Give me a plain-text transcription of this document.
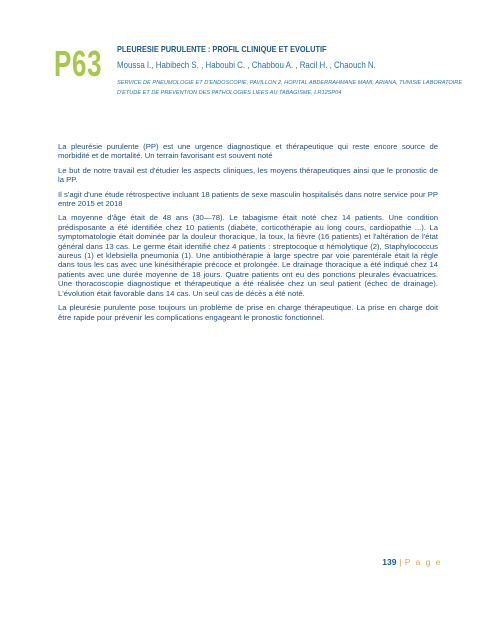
P63 PLEURESIE PURULENTE : PROFIL CLINIQUE ET EVOLUTIF
Moussa I., Habibech S. , Haboubi C. , Chabbou A. , Racil H. , Chaouch N.
SERVICE DE PNEUMOLOGIE ET D'ENDOSCOPIE, PAVILLON 2, HOPITAL ABDERRAHMANE MAMI, ARIANA, TUNISIE LABORATOIRE D'ETUDE ET DE PREVENTION DES PATHOLOGIES LIEES AU TABAGISME, LR12SP04

La pleurésie purulente (PP) est une urgence diagnostique et thérapeutique qui reste encore source de morbidité et de mortalité. Un terrain favorisant est souvent noté

Le but de notre travail est d'étudier les aspects cliniques, les moyens thérapeutiques ainsi que le pronostic de la PP.

Il s'agit d'une étude rétrospective incluant 18 patients de sexe masculin hospitalisés dans notre service pour PP entre 2015 et 2018

La moyenne d'âge était de 48 ans (30—78). Le tabagisme était noté chez 14 patients. Une condition prédisposante a été identifiée chez 10 patients (diabète, corticothérapie au long cours, cardiopathie ...). La symptomatologie était dominée par la douleur thoracique, la toux, la fièvre (16 patients) et l'altération de l'état général dans 13 cas. Le germe était identifié chez 4 patients : streptocoque α hémolytique (2), Staphylococcus aureus (1) et klebsiella pneumonia (1). Une antibiothérapie à large spectre par voie parentérale était la règle dans tous les cas avec une kinésithérapie précoce et prolongée. Le drainage thoracique a été indiqué chez 14 patients avec une durée moyenne de 18 jours. Quatre patients ont eu des ponctions pleurales évacuatrices. Une thoracoscopie diagnostique et thérapeutique a été réalisée chez un seul patient (échec de drainage). L'évolution était favorable dans 14 cas. Un seul cas de décès a été noté.

La pleurésie purulente pose toujours un problème de prise en charge thérapeutique. La prise en charge doit être rapide pour prévenir les complications engageant le pronostic fonctionnel.

139 | P a g e
